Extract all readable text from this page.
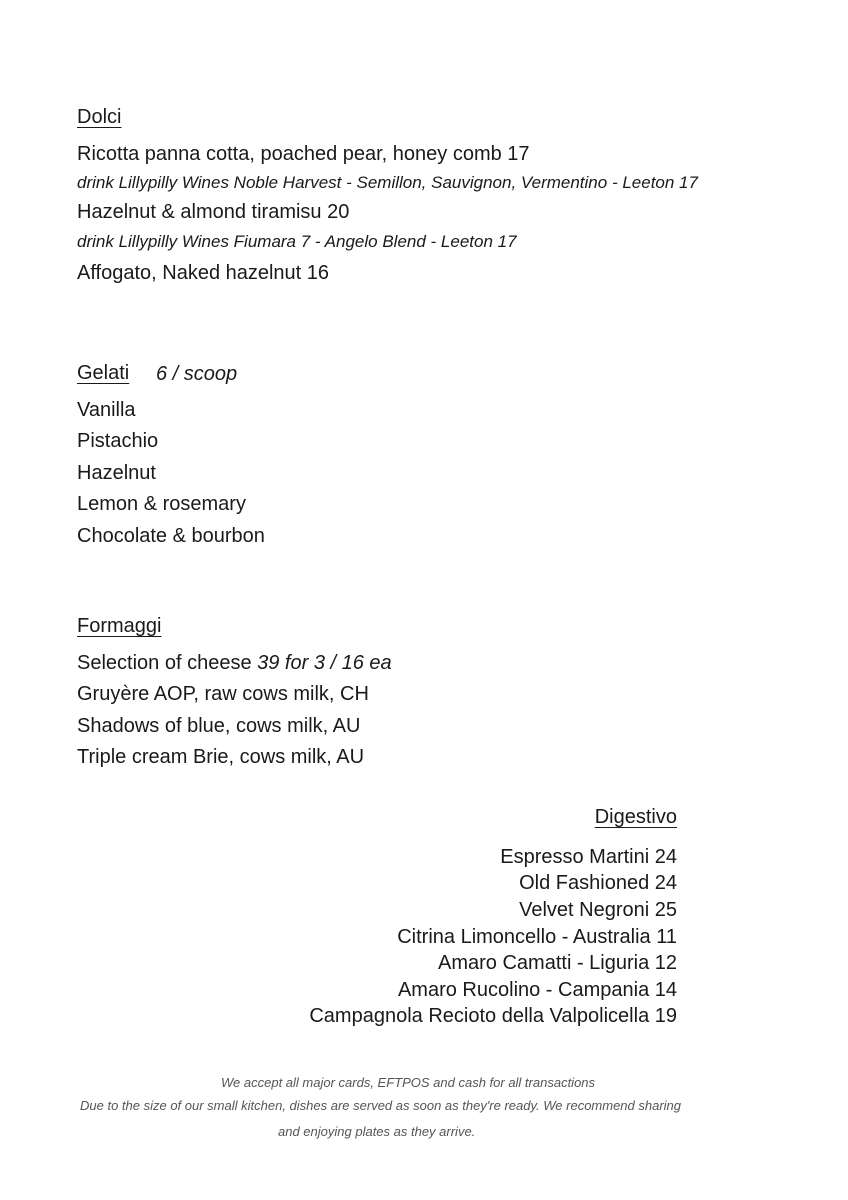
Dolci
Ricotta panna cotta, poached pear, honey comb 17
drink Lillypilly Wines Noble Harvest - Semillon, Sauvignon, Vermentino - Leeton 17
Hazelnut & almond tiramisu 20
drink Lillypilly Wines Fiumara 7 - Angelo Blend - Leeton 17
Affogato, Naked hazelnut 16
Gelati 6 / scoop
Vanilla
Pistachio
Hazelnut
Lemon & rosemary
Chocolate & bourbon
Formaggi
Selection of cheese 39 for 3 / 16 ea
Gruyère AOP, raw cows milk, CH
Shadows of blue, cows milk, AU
Triple cream Brie, cows milk, AU
Digestivo
Espresso Martini 24
Old Fashioned 24
Velvet Negroni 25
Citrina Limoncello - Australia 11
Amaro Camatti - Liguria 12
Amaro Rucolino - Campania 14
Campagnola Recioto della Valpolicella 19
We accept all major cards, EFTPOS and cash for all transactions
Due to the size of our small kitchen, dishes are served as soon as they're ready. We recommend sharing
and enjoying plates as they arrive.
